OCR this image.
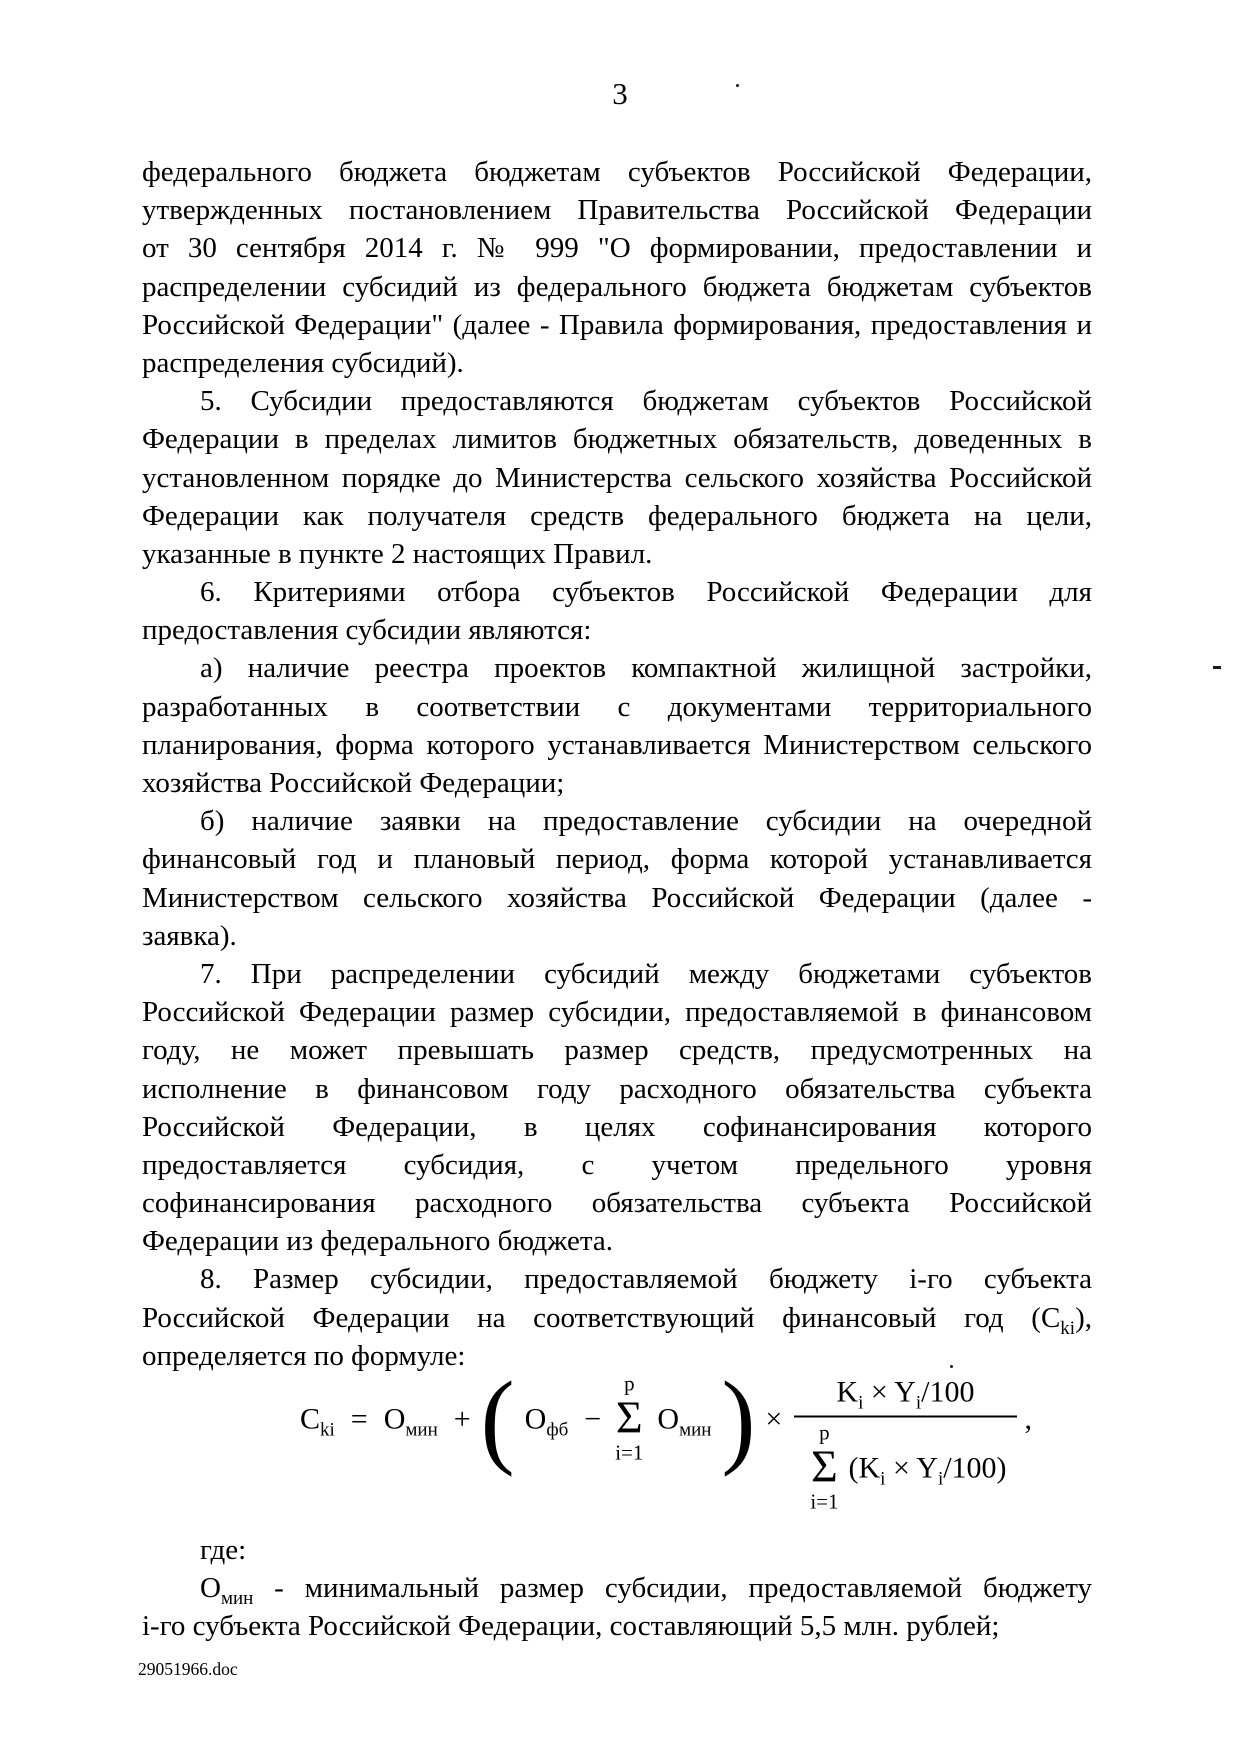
3
федерального бюджета бюджетам субъектов Российской Федерации,
утвержденных постановлением Правительства Российской Федерации
от 30 сентября 2014 г. № 999 "О формировании, предоставлении и
распределении субсидий из федерального бюджета бюджетам субъектов
Российской Федерации" (далее - Правила формирования, предоставления и
распределения субсидий).
5. Субсидии предоставляются бюджетам субъектов Российской
Федерации в пределах лимитов бюджетных обязательств, доведенных в
установленном порядке до Министерства сельского хозяйства Российской
Федерации как получателя средств федерального бюджета на цели,
указанные в пункте 2 настоящих Правил.
6. Критериями отбора субъектов Российской Федерации для
предоставления субсидии являются:
а) наличие реестра проектов компактной жилищной застройки,
разработанных в соответствии с документами территориального
планирования, форма которого устанавливается Министерством сельского
хозяйства Российской Федерации;
б) наличие заявки на предоставление субсидии на очередной
финансовый год и плановый период, форма которой устанавливается
Министерством сельского хозяйства Российской Федерации (далее -
заявка).
7. При распределении субсидий между бюджетами субъектов
Российской Федерации размер субсидии, предоставляемой в финансовом
году, не может превышать размер средств, предусмотренных на
исполнение в финансовом году расходного обязательства субъекта
Российской Федерации, в целях софинансирования которого
предоставляется субсидия, с учетом предельного уровня
софинансирования расходного обязательства субъекта Российской
Федерации из федерального бюджета.
8. Размер субсидии, предоставляемой бюджету i-го субъекта
Российской Федерации на соответствующий финансовый год $(C_{ki})$,
определяется по формуле:
$C_{ki} = О_{мин}$ + ( $О_{фб}$ −
p
Σ
i=1
$О_{мин}$ ) ×
$K_i \times Y_i/100$
p
Σ
i=1
$(K_i \times Y_i/100)$
,
где:
$О_{мин}$ - минимальный размер субсидии, предоставляемой бюджету
i-го субъекта Российской Федерации, составляющий 5,5 млн. рублей;
29051966.doc
